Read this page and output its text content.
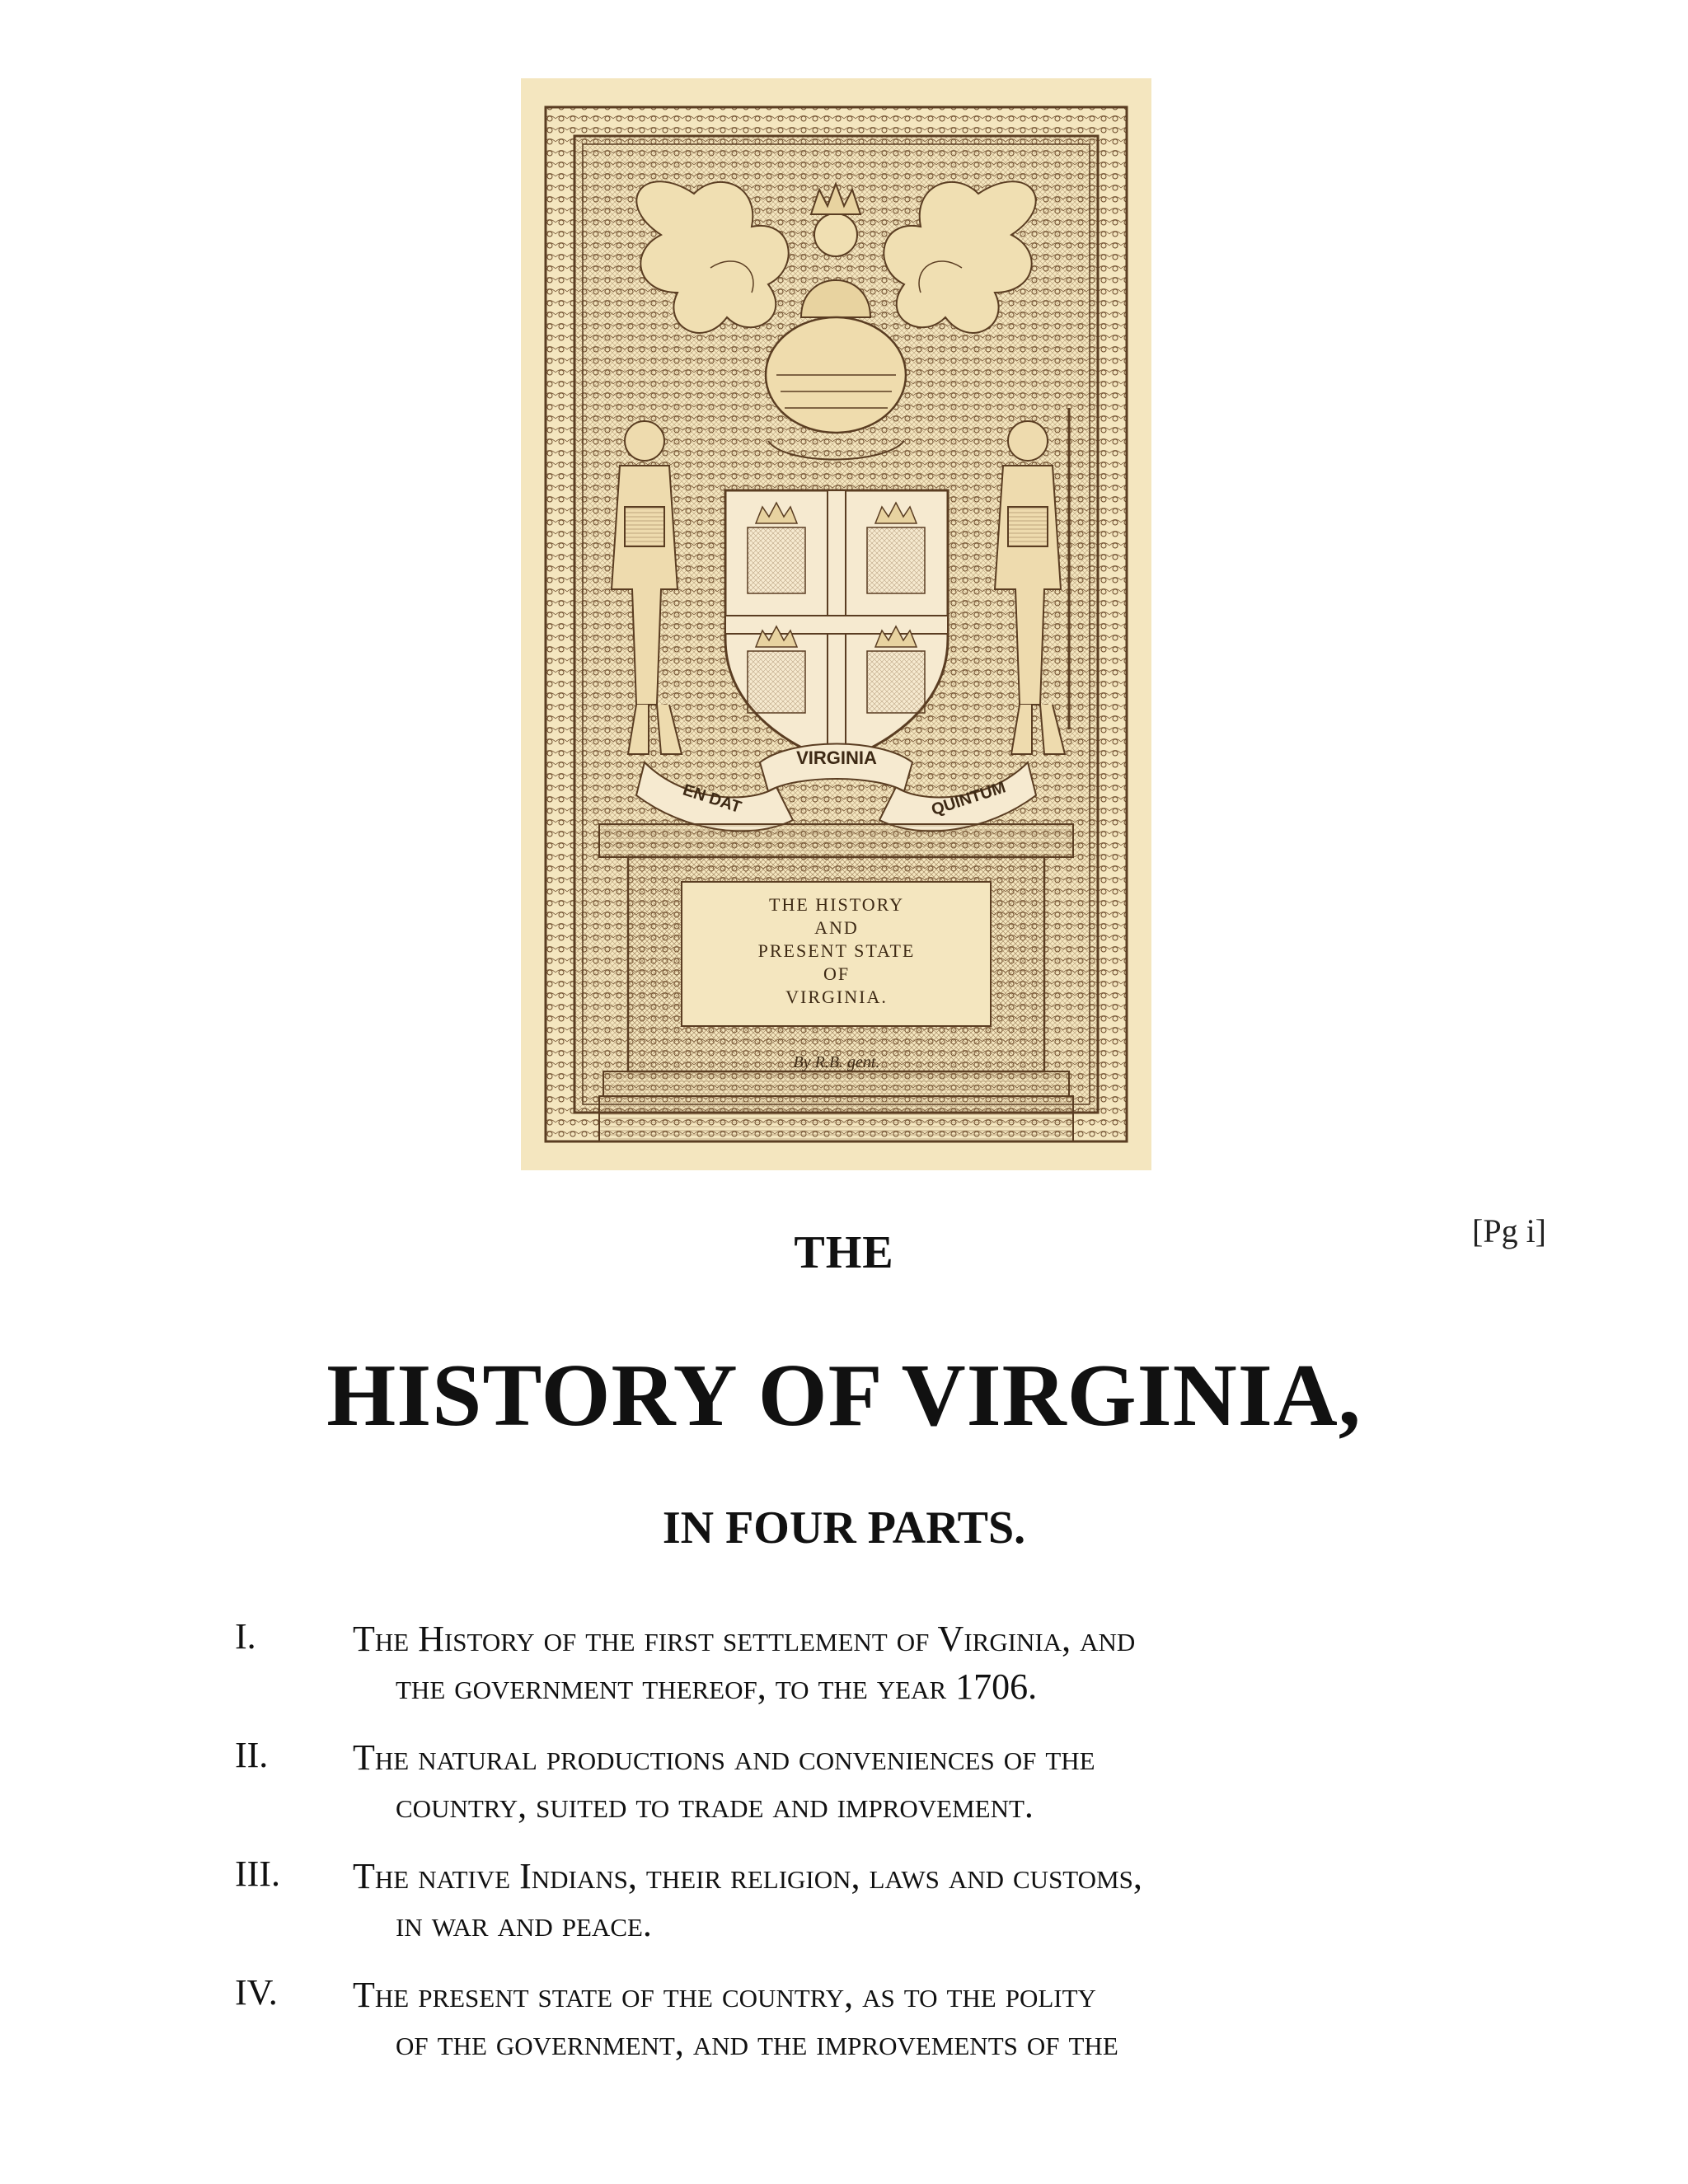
VIRGINIA
EN DAT	QUINTUM
THE HISTORY
AND
PRESENT STATE
OF
VIRGINIA.
By R.B. gent.
[Pg i]
THE
HISTORY OF VIRGINIA,
IN FOUR PARTS.
I.	The History of the first settlement of Virginia, and
the government thereof, to the year 1706.
II. The natural productions and conveniences of the
country, suited to trade and improvement.
III. The native Indians, their religion, laws and customs,
in war and peace.
IV. The present state of the country, as to the polity
of the government, and the improvements of the
